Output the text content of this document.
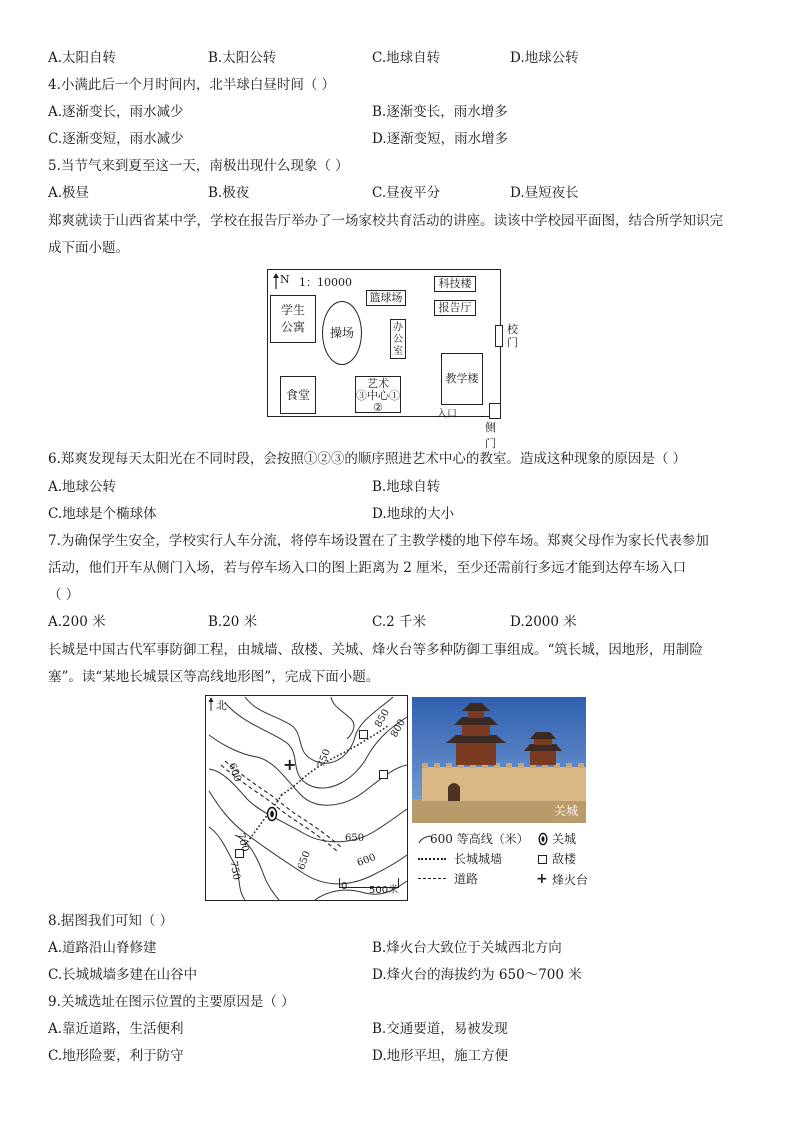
A.太阳自转	B.太阳公转	C.地球自转	D.地球公转
4.小满此后一个月时间内，北半球白昼时间（ ）
A.逐渐变长，雨水减少	B.逐渐变长，雨水增多
C.逐渐变短，雨水减少	D.逐渐变短，雨水增多
5.当节气来到夏至这一天，南极出现什么现象（ ）
A.极昼	B.极夜	C.昼夜平分	D.昼短夜长
郑爽就读于山西省某中学，学校在报告厅举办了一场家校共育活动的讲座。读该中学校园平面图，结合所学知识完
成下面小题。
N 1：10000
学生
公寓	操场
篮球场
科技楼
报告厅
办
公
室
校
门
食堂
艺术
③中心①
②
教学楼
入口
侧门
6.郑爽发现每天太阳光在不同时段，会按照①②③的顺序照进艺术中心的教室。造成这种现象的原因是（ ）
A.地球公转	B.地球自转
C.地球是个椭球体	D.地球的大小
7.为确保学生安全，学校实行人车分流，将停车场设置在了主教学楼的地下停车场。郑爽父母作为家长代表参加
活动，他们开车从侧门入场，若与停车场入口的图上距离为 2 厘米，至少还需前行多远才能到达停车场入口
（ ）
A.200 米	B.20 米	C.2 千米	D.2000 米
长城是中国古代军事防御工程，由城墙、敌楼、关城、烽火台等多种防御工事组成。“筑长城，因地形，用制险
塞”。读“某地长城景区等高线地形图”，完成下面小题。
北
+
850
800
750
600
700
750	650
650
600
0 500米
关城
600 等高线（米） 关城
长城城墙	敌楼
道路	+ 烽火台
8.据图我们可知（ ）
A.道路沿山脊修建	B.烽火台大致位于关城西北方向
C.长城城墙多建在山谷中	D.烽火台的海拔约为 650～700 米
9.关城选址在图示位置的主要原因是（ ）
A.靠近道路，生活便利	B.交通要道，易被发现
C.地形险要，利于防守	D.地形平坦，施工方便
